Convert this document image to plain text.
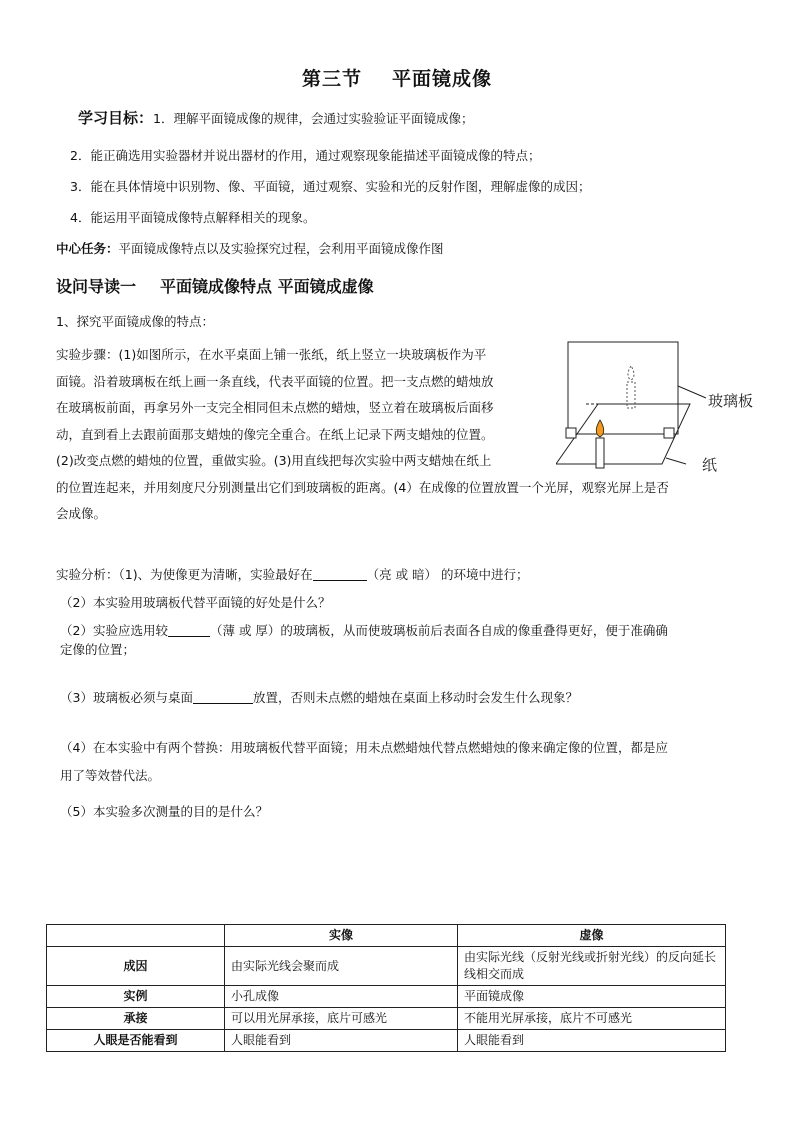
第三节 平面镜成像
学习目标：1．理解平面镜成像的规律，会通过实验验证平面镜成像；
2．能正确选用实验器材并说出器材的作用，通过观察现象能描述平面镜成像的特点；
3．能在具体情境中识别物、像、平面镜，通过观察、实验和光的反射作图，理解虚像的成因；
4．能运用平面镜成像特点解释相关的现象。
中心任务：平面镜成像特点以及实验探究过程，会利用平面镜成像作图
设问导读一 平面镜成像特点 平面镜成虚像
1、探究平面镜成像的特点：
实验步骤：(1)如图所示，在水平桌面上铺一张纸，纸上竖立一块玻璃板作为平
面镜。沿着玻璃板在纸上画一条直线，代表平面镜的位置。把一支点燃的蜡烛放
在玻璃板前面，再拿另外一支完全相同但未点燃的蜡烛，竖立着在玻璃板后面移
动，直到看上去跟前面那支蜡烛的像完全重合。在纸上记录下两支蜡烛的位置。
(2)改变点燃的蜡烛的位置，重做实验。(3)用直线把每次实验中两支蜡烛在纸上
的位置连起来，并用刻度尺分别测量出它们到玻璃板的距离。(4）在成像的位置放置一个光屏，观察光屏上是否
会成像。
玻璃板
纸
实验分析：（1)、为使像更为清晰，实验最好在	（亮 或 暗） 的环境中进行；
（2）本实验用玻璃板代替平面镜的好处是什么？
（2）实验应选用较	（薄 或 厚）的玻璃板，从而使玻璃板前后表面各自成的像重叠得更好，便于准确确
定像的位置；
（3）玻璃板必须与桌面	放置，否则未点燃的蜡烛在桌面上移动时会发生什么现象？
（4）在本实验中有两个替换：用玻璃板代替平面镜；用未点燃蜡烛代替点燃蜡烛的像来确定像的位置，都是应
用了等效替代法。
（5）本实验多次测量的目的是什么？
	实像	虚像
成因	由实际光线会聚而成	由实际光线（反射光线或折射光线）的反向延长线相交而成
实例	小孔成像	平面镜成像
承接	可以用光屏承接，底片可感光	不能用光屏承接，底片不可感光
人眼是否能看到	人眼能看到	人眼能看到
